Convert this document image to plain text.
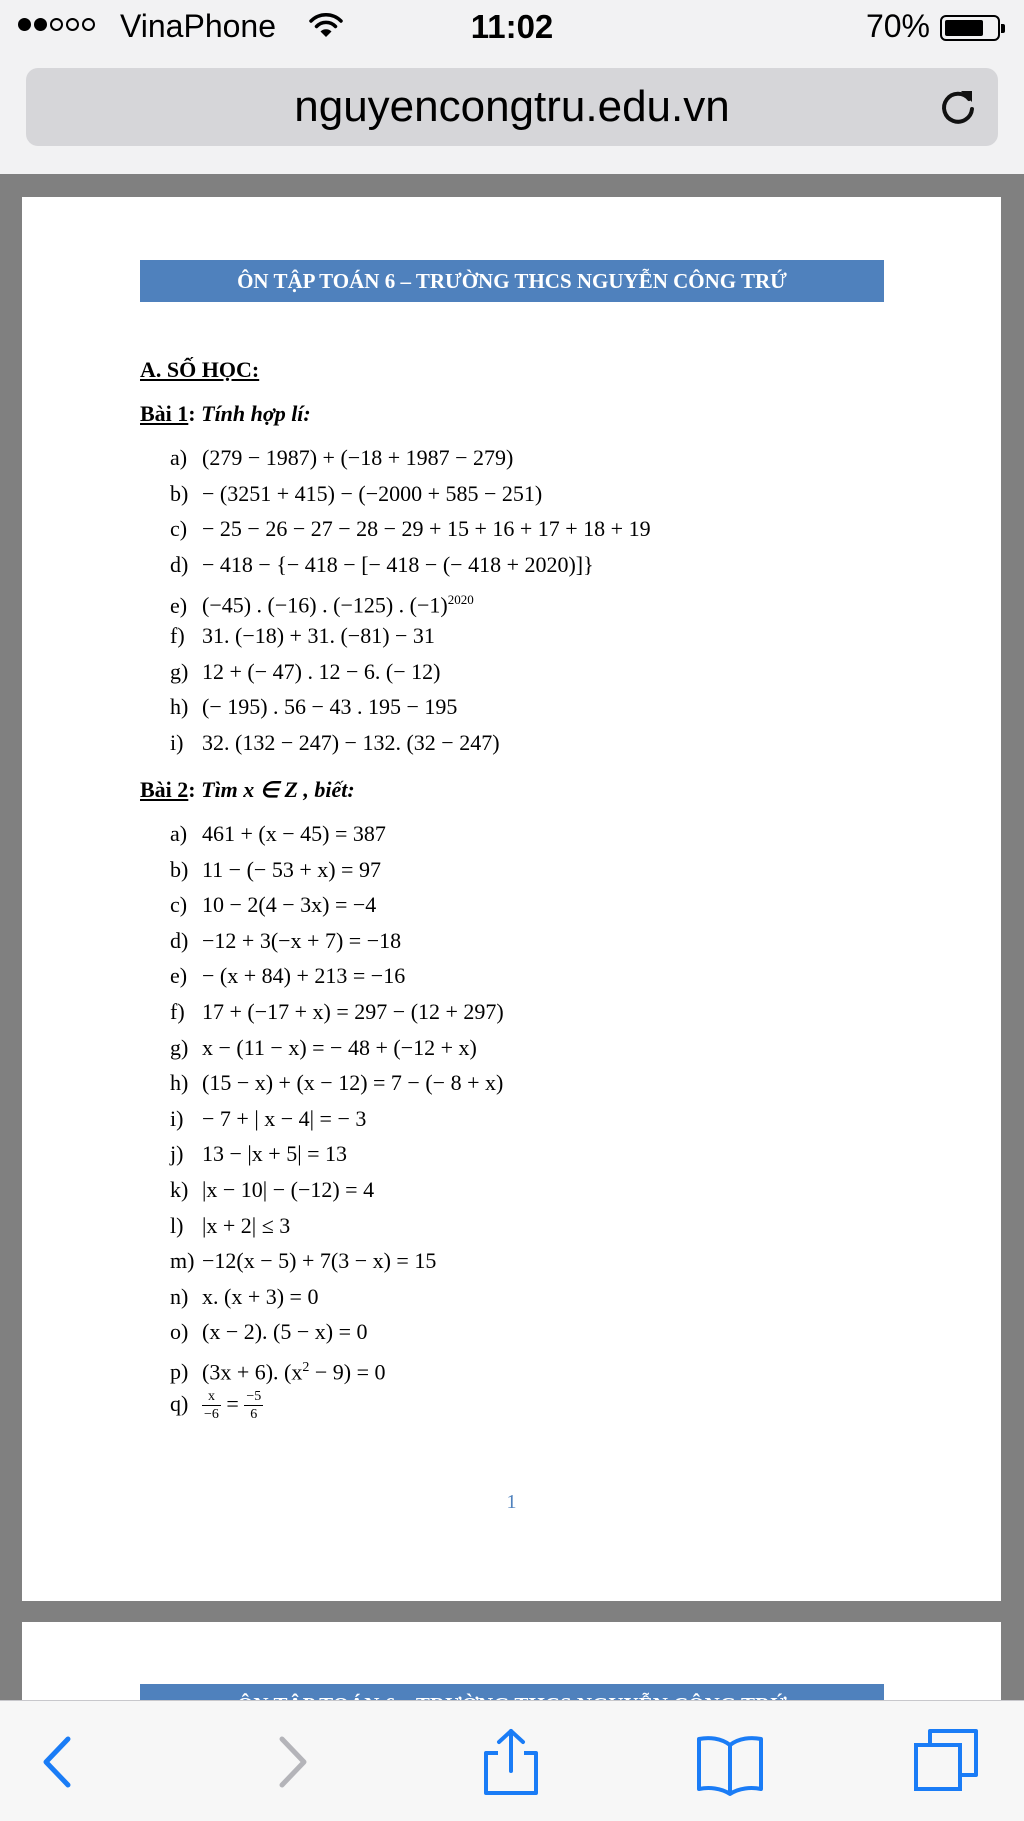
VinaPhone	11:02	70%
nguyencongtru.edu.vn
ÔN TẬP TOÁN 6 – TRƯỜNG THCS NGUYỄN CÔNG TRỨ
A. SỐ HỌC:
Bài 1: Tính hợp lí:
a) (279 − 1987) + (−18 + 1987 − 279)
b) − (3251 + 415) − (−2000 + 585 − 251)
c) − 25 − 26 − 27 − 28 − 29 + 15 + 16 + 17 + 18 + 19
d) − 418 − {− 418 − [− 418 − (− 418 + 2020)]}
e) (−45) . (−16) . (−125) . $(-1)^{2020}$
f) 31. (−18) + 31. (−81) − 31
g) 12 + (− 47) . 12 − 6. (− 12)
h) (− 195) . 56 − 43 . 195 − 195
i) 32. (132 − 247) − 132. (32 − 247)
Bài 2: Tìm x ∈ Z , biết:
a) 461 + (x − 45) = 387
b) 11 − (− 53 + x) = 97
c) 10 − 2(4 − 3x) = −4
d) −12 + 3(−x + 7) = −18
e) − (x + 84) + 213 = −16
f) 17 + (−17 + x) = 297 − (12 + 297)
g) x − (11 − x) = − 48 + (−12 + x)
h) (15 − x) + (x − 12) = 7 − (− 8 + x)
i) − 7 + | x − 4| = − 3
j) 13 − |x + 5| = 13
k) |x − 10| − (−12) = 4
l) |x + 2| ≤ 3
m) −12(x − 5) + 7(3 − x) = 15
n) x. (x + 3) = 0
o) (x − 2). (5 − x) = 0
p) (3x + 6). $(x^2 - 9) = 0$
$q) \frac{x}{-6} = \frac{-5}{6}$
1
